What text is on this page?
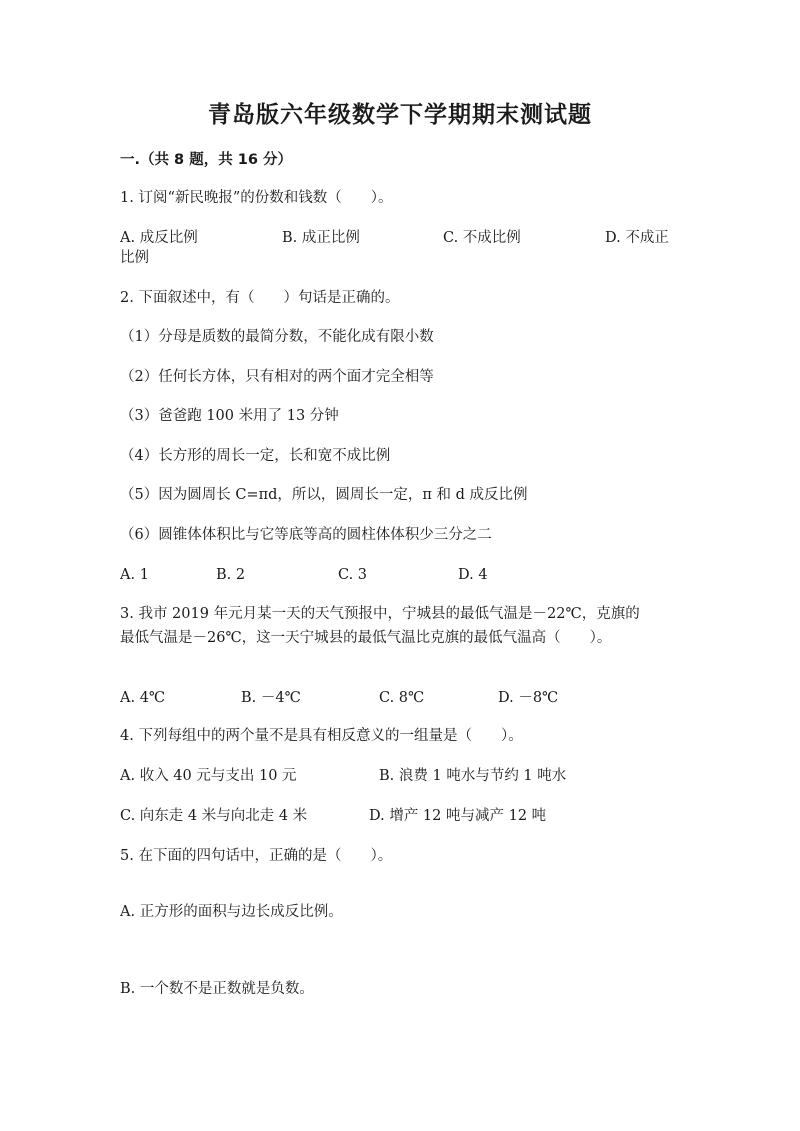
青岛版六年级数学下学期期末测试题
一.（共 8 题，共 16 分）
1. 订阅“新民晚报”的份数和钱数（　　）。
A. 成反比例	B. 成正比例	C. 不成比例	D. 不成正
比例
2. 下面叙述中，有（　　）句话是正确的。
（1）分母是质数的最简分数，不能化成有限小数
（2）任何长方体，只有相对的两个面才完全相等
（3）爸爸跑 100 米用了 13 分钟
（4）长方形的周长一定，长和宽不成比例
（5）因为圆周长 C=πd，所以，圆周长一定，π 和 d 成反比例
（6）圆锥体体积比与它等底等高的圆柱体体积少三分之二
A. 1	B. 2	C. 3	D. 4
3. 我市 2019 年元月某一天的天气预报中，宁城县的最低气温是－22℃，克旗的
最低气温是－26℃，这一天宁城县的最低气温比克旗的最低气温高（　　）。
A. 4℃	B. －4℃	C. 8℃	D. －8℃
4. 下列每组中的两个量不是具有相反意义的一组量是（　　）。
A. 收入 40 元与支出 10 元	B. 浪费 1 吨水与节约 1 吨水
C. 向东走 4 米与向北走 4 米	D. 增产 12 吨与减产 12 吨
5. 在下面的四句话中，正确的是（　　）。
A. 正方形的面积与边长成反比例。
B. 一个数不是正数就是负数。
